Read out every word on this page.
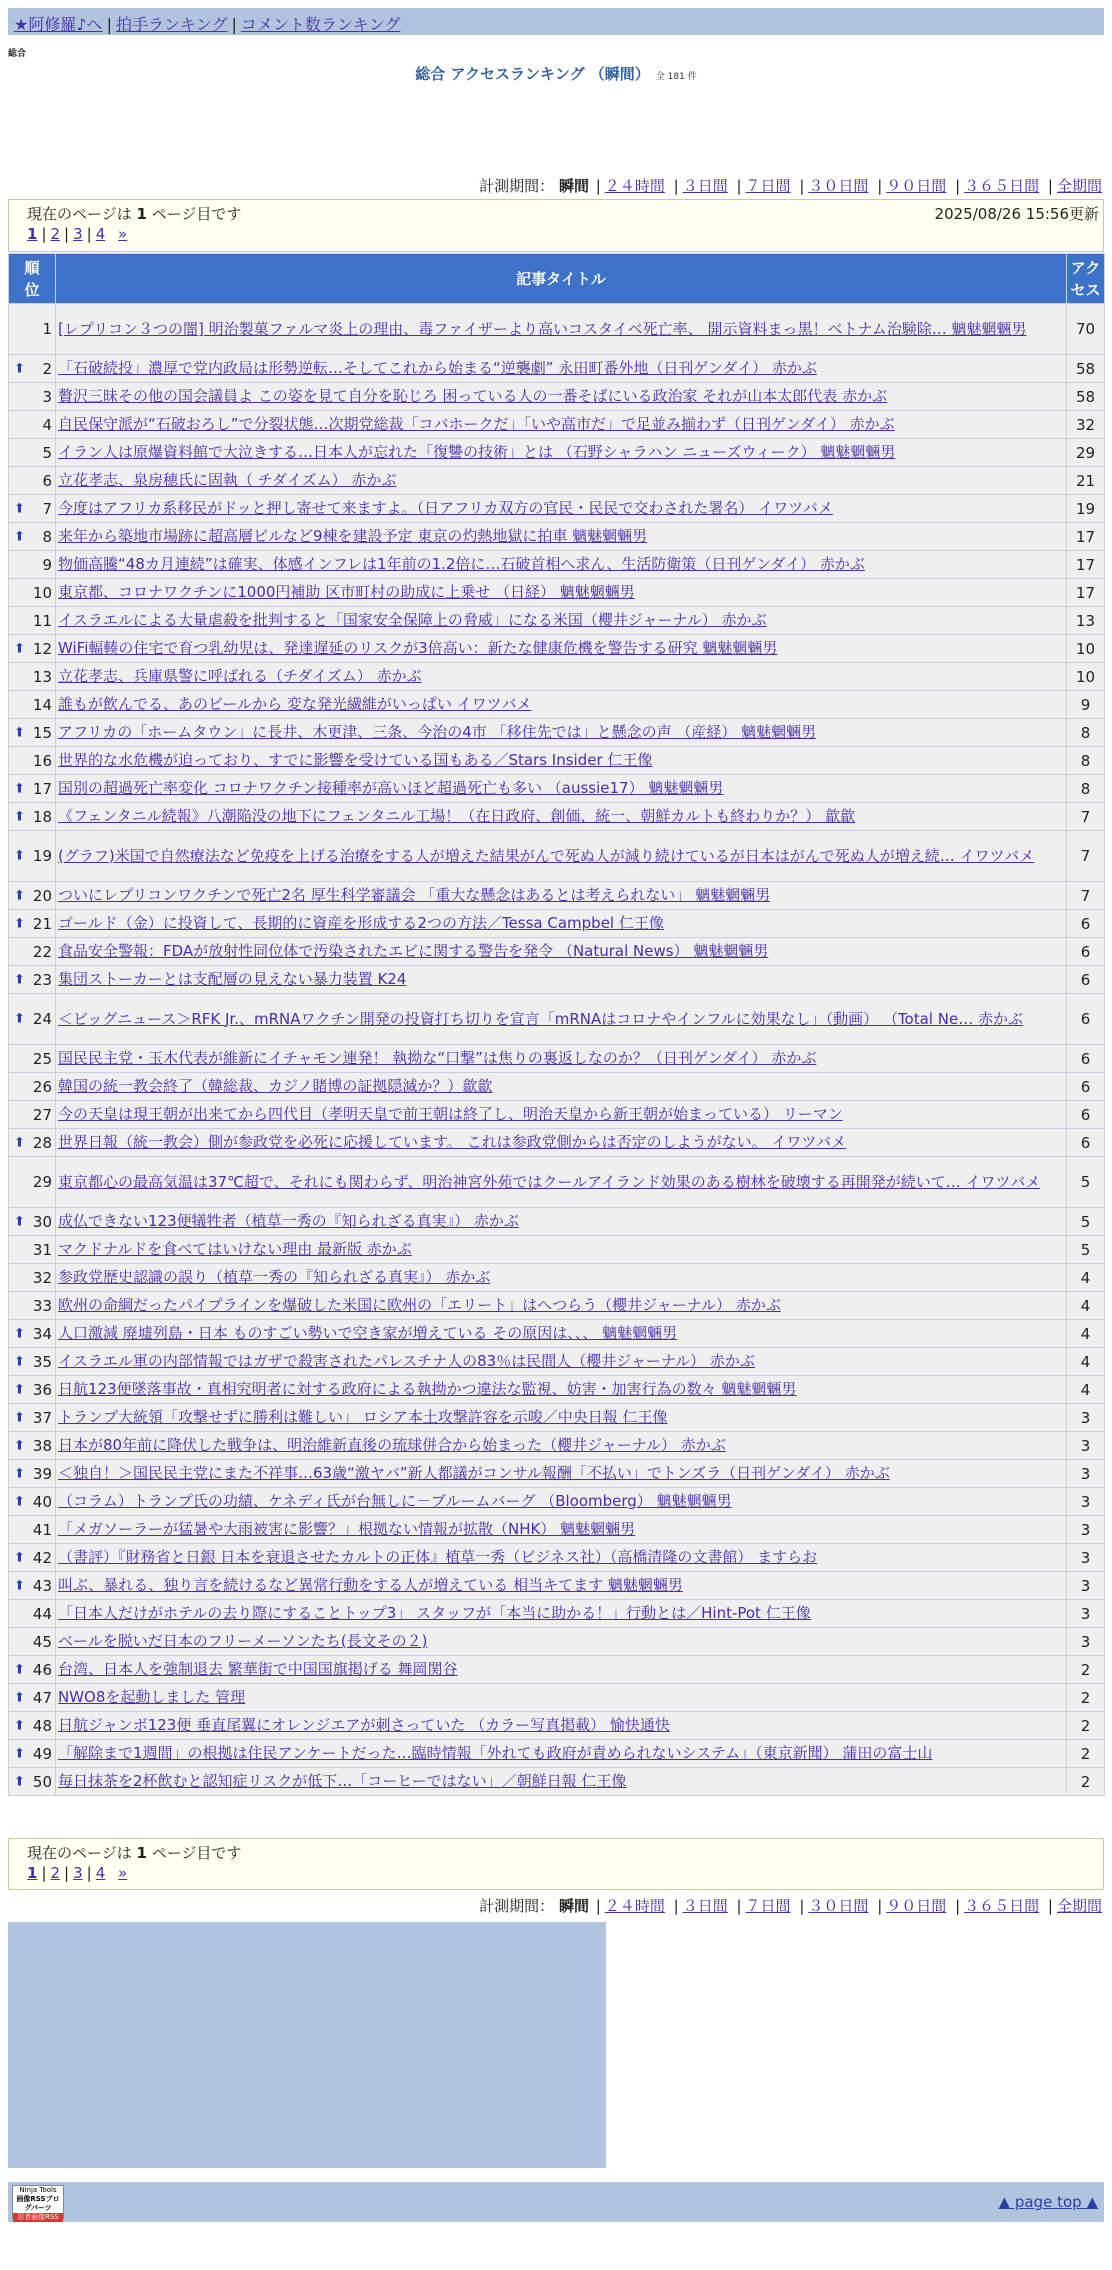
★阿修羅♪へ | 拍手ランキング | コメント数ランキング
総合
総合 アクセスランキング （瞬間） 全 181 件
計測期間： 瞬間 | ２４時間 | ３日間 | ７日間 | ３０日間 | ９０日間 | ３６５日間 | 全期間
現在のページは 1 ページ目です	2025/08/26 15:56更新
1 | 2 | 3 | 4 »
順位	記事タイトル	アクセス
1	[レプリコン３つの闇] 明治製菓ファルマ炎上の理由、毒ファイザーより高いコスタイベ死亡率、 開示資料まっ黒！ベトナム治験除… 魑魅魍魎男	70

⬆ 2	「石破続投」濃厚で党内政局は形勢逆転…そしてこれから始まる“逆襲劇” 永田町番外地（日刊ゲンダイ） 赤かぶ	58
3	贅沢三昧その他の国会議員よ この姿を見て自分を恥じろ 困っている人の一番そばにいる政治家 それが山本太郎代表 赤かぶ	58
4	自民保守派が“石破おろし”で分裂状態…次期党総裁「コバホークだ」「いや高市だ」で足並み揃わず（日刊ゲンダイ） 赤かぶ	32
5	イラン人は原爆資料館で大泣きする…日本人が忘れた「復讐の技術」とは （石野シャラハン ニューズウィーク） 魑魅魍魎男	29
6	立花孝志、泉房穂氏に固執（ チダイズム） 赤かぶ	21

⬆ 7	今度はアフリカ系移民がドッと押し寄せて来ますよ。（日アフリカ双方の官民・民民で交わされた署名） イワツバメ	19

⬆ 8	来年から築地市場跡に超高層ビルなど9棟を建設予定 東京の灼熱地獄に拍車 魑魅魍魎男	17
9	物価高騰“48カ月連続”は確実、体感インフレは1年前の1.2倍に…石破首相へ求ん、生活防衛策（日刊ゲンダイ） 赤かぶ	17
10	東京都、コロナワクチンに1000円補助 区市町村の助成に上乗せ （日経） 魑魅魍魎男	17
11	イスラエルによる大量虐殺を批判すると「国家安全保障上の脅威」になる米国（櫻井ジャーナル） 赤かぶ	13

⬆ 12	WiFi輻輳の住宅で育つ乳幼児は、発達遅延のリスクが3倍高い：新たな健康危機を警告する研究 魑魅魍魎男	10
13	立花孝志、兵庫県警に呼ばれる（チダイズム） 赤かぶ	10
14	誰もが飲んでる、あのビールから 変な発光繊維がいっぱい イワツバメ	9

⬆ 15	アフリカの「ホームタウン」に長井、木更津、三条、今治の4市 「移住先では」と懸念の声 （産経） 魑魅魍魎男	8
16	世界的な水危機が迫っており、すでに影響を受けている国もある／Stars Insider 仁王像	8

⬆ 17	国別の超過死亡率変化 コロナワクチン接種率が高いほど超過死亡も多い （aussie17） 魑魅魍魎男	8

⬆ 18	《フェンタニル続報》八潮陥没の地下にフェンタニル工場！（在日政府、創価、統一、朝鮮カルトも終わりか？） 歙歙	7

⬆ 19	(グラフ)米国で自然療法など免疫を上げる治療をする人が増えた結果がんで死ぬ人が減り続けているが日本はがんで死ぬ人が増え続… イワツバメ	7

⬆ 20	ついにレプリコンワクチンで死亡2名 厚生科学審議会 「重大な懸念はあるとは考えられない」 魑魅魍魎男	7

⬆ 21	ゴールド（金）に投資して、長期的に資産を形成する2つの方法／Tessa Campbel 仁王像	6
22	食品安全警報：FDAが放射性同位体で汚染されたエビに関する警告を発令 （Natural News） 魑魅魍魎男	6

⬆ 23	集団ストーカーとは支配層の見えない暴力装置 K24	6

⬆ 24	＜ビッグニュース＞RFK Jr.、mRNAワクチン開発の投資打ち切りを宣言「mRNAはコロナやインフルに効果なし」（動画） （Total Ne… 赤かぶ	6
25	国民民主党・玉木代表が維新にイチャモン連発！ 執拗な“口撃”は焦りの裏返しなのか？（日刊ゲンダイ） 赤かぶ	6
26	韓国の統一教会終了（韓総裁、カジノ賭博の証拠隠滅か？）歙歙	6
27	今の天皇は現王朝が出来てから四代目（孝明天皇で前王朝は終了し、明治天皇から新王朝が始まっている） リーマン	6

⬆ 28	世界日報（統一教会）側が参政党を必死に応援しています。 これは参政党側からは否定のしようがない。 イワツバメ	6
29	東京都心の最高気温は37℃超で、それにも関わらず、明治神宮外苑ではクールアイランド効果のある樹林を破壊する再開発が続いて… イワツバメ	5

⬆ 30	成仏できない123便犠牲者（植草一秀の『知られざる真実』） 赤かぶ	5
31	マクドナルドを食べてはいけない理由 最新版 赤かぶ	5
32	参政党歴史認識の誤り（植草一秀の『知られざる真実』） 赤かぶ	4
33	欧州の命綱だったパイプラインを爆破した米国に欧州の「エリート」はへつらう（櫻井ジャーナル） 赤かぶ	4

⬆ 34	人口激減 廃墟列島・日本 ものすごい勢いで空き家が増えている その原因は、、、 魑魅魍魎男	4

⬆ 35	イスラエル軍の内部情報ではガザで殺害されたパレスチナ人の83％は民間人（櫻井ジャーナル） 赤かぶ	4

⬆ 36	日航123便墜落事故・真相究明者に対する政府による執拗かつ違法な監視、妨害・加害行為の数々 魑魅魍魎男	4

⬆ 37	トランプ大統領「攻撃せずに勝利は難しい」 ロシア本土攻撃許容を示唆／中央日報 仁王像	3

⬆ 38	日本が80年前に降伏した戦争は、明治維新直後の琉球併合から始まった（櫻井ジャーナル） 赤かぶ	3

⬆ 39	＜独自！＞国民民主党にまた不祥事…63歳“激ヤバ”新人都議がコンサル報酬「不払い」でトンズラ（日刊ゲンダイ） 赤かぶ	3

⬆ 40	（コラム）トランプ氏の功績、ケネディ氏が台無しに－ブルームバーグ （Bloomberg） 魑魅魍魎男	3
41	「メガソーラーが猛暑や大雨被害に影響？」根拠ない情報が拡散（NHK） 魑魅魍魎男	3

⬆ 42	（書評）『財務省と日銀 日本を衰退させたカルトの正体』植草一秀（ビジネス社）（高橋清隆の文書館） ますらお	3

⬆ 43	叫ぶ、暴れる、独り言を続けるなど異常行動をする人が増えている 相当キてます 魑魅魍魎男	3
44	「日本人だけがホテルの去り際にすることトップ3」 スタッフが「本当に助かる！」行動とは／Hint-Pot 仁王像	3
45	ベールを脱いだ日本のフリーメーソンたち(長文その２)	3

⬆ 46	台湾、日本人を強制退去 繁華街で中国国旗掲げる 舞岡関谷	2

⬆ 47	NWO8を起動しました 管理	2

⬆ 48	日航ジャンボ123便 垂直尾翼にオレンジエアが刺さっていた （カラー写真掲載） 愉快通快	2

⬆ 49	「解除まで1週間」の根拠は住民アンケートだった…臨時情報「外れても政府が責められないシステム」（東京新聞） 蒲田の富士山	2

⬆ 50	毎日抹茶を2杯飲むと認知症リスクが低下…「コーヒーではない」／朝鮮日報 仁王像	2
現在のページは 1 ページ目です
1 | 2 | 3 | 4 »
計測期間： 瞬間 | ２４時間 | ３日間 | ７日間 | ３０日間 | ９０日間 | ３６５日間 | 全期間
Ninja Tools
画像RSSブログパーツ
忍者画像RSS
▲ page top ▲
